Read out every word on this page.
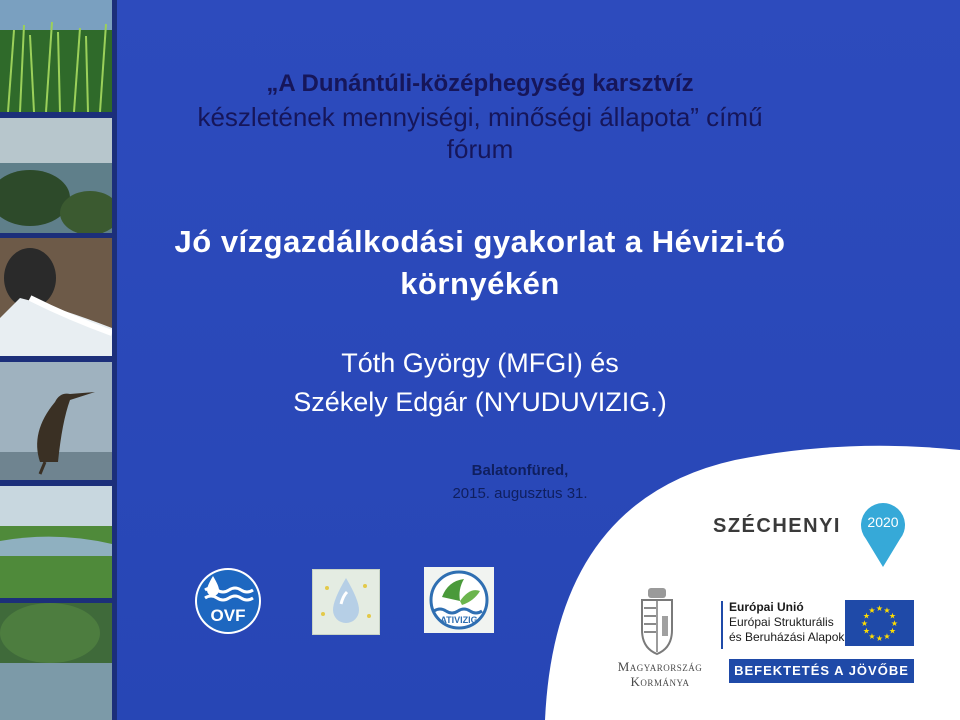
„A Dunántúli-középhegység karsztvíz
készletének mennyiségi, minőségi állapota” című
fórum
Jó vízgazdálkodási gyakorlat a Hévizi-tó
környékén
Tóth György (MFGI) és
Székely Edgár (NYUDUVIZIG.)
Balatonfüred,
2015. augusztus 31.
OVF	ATIVIZIG
SZÉCHENYI	2020
Magyarország
Kormánya
Európai Unió
Európai Strukturális
és Beruházási Alapok
★
★
★
★
★
★
★
★
★ ★ ★
★
BEFEKTETÉS A JÖVŐBE
